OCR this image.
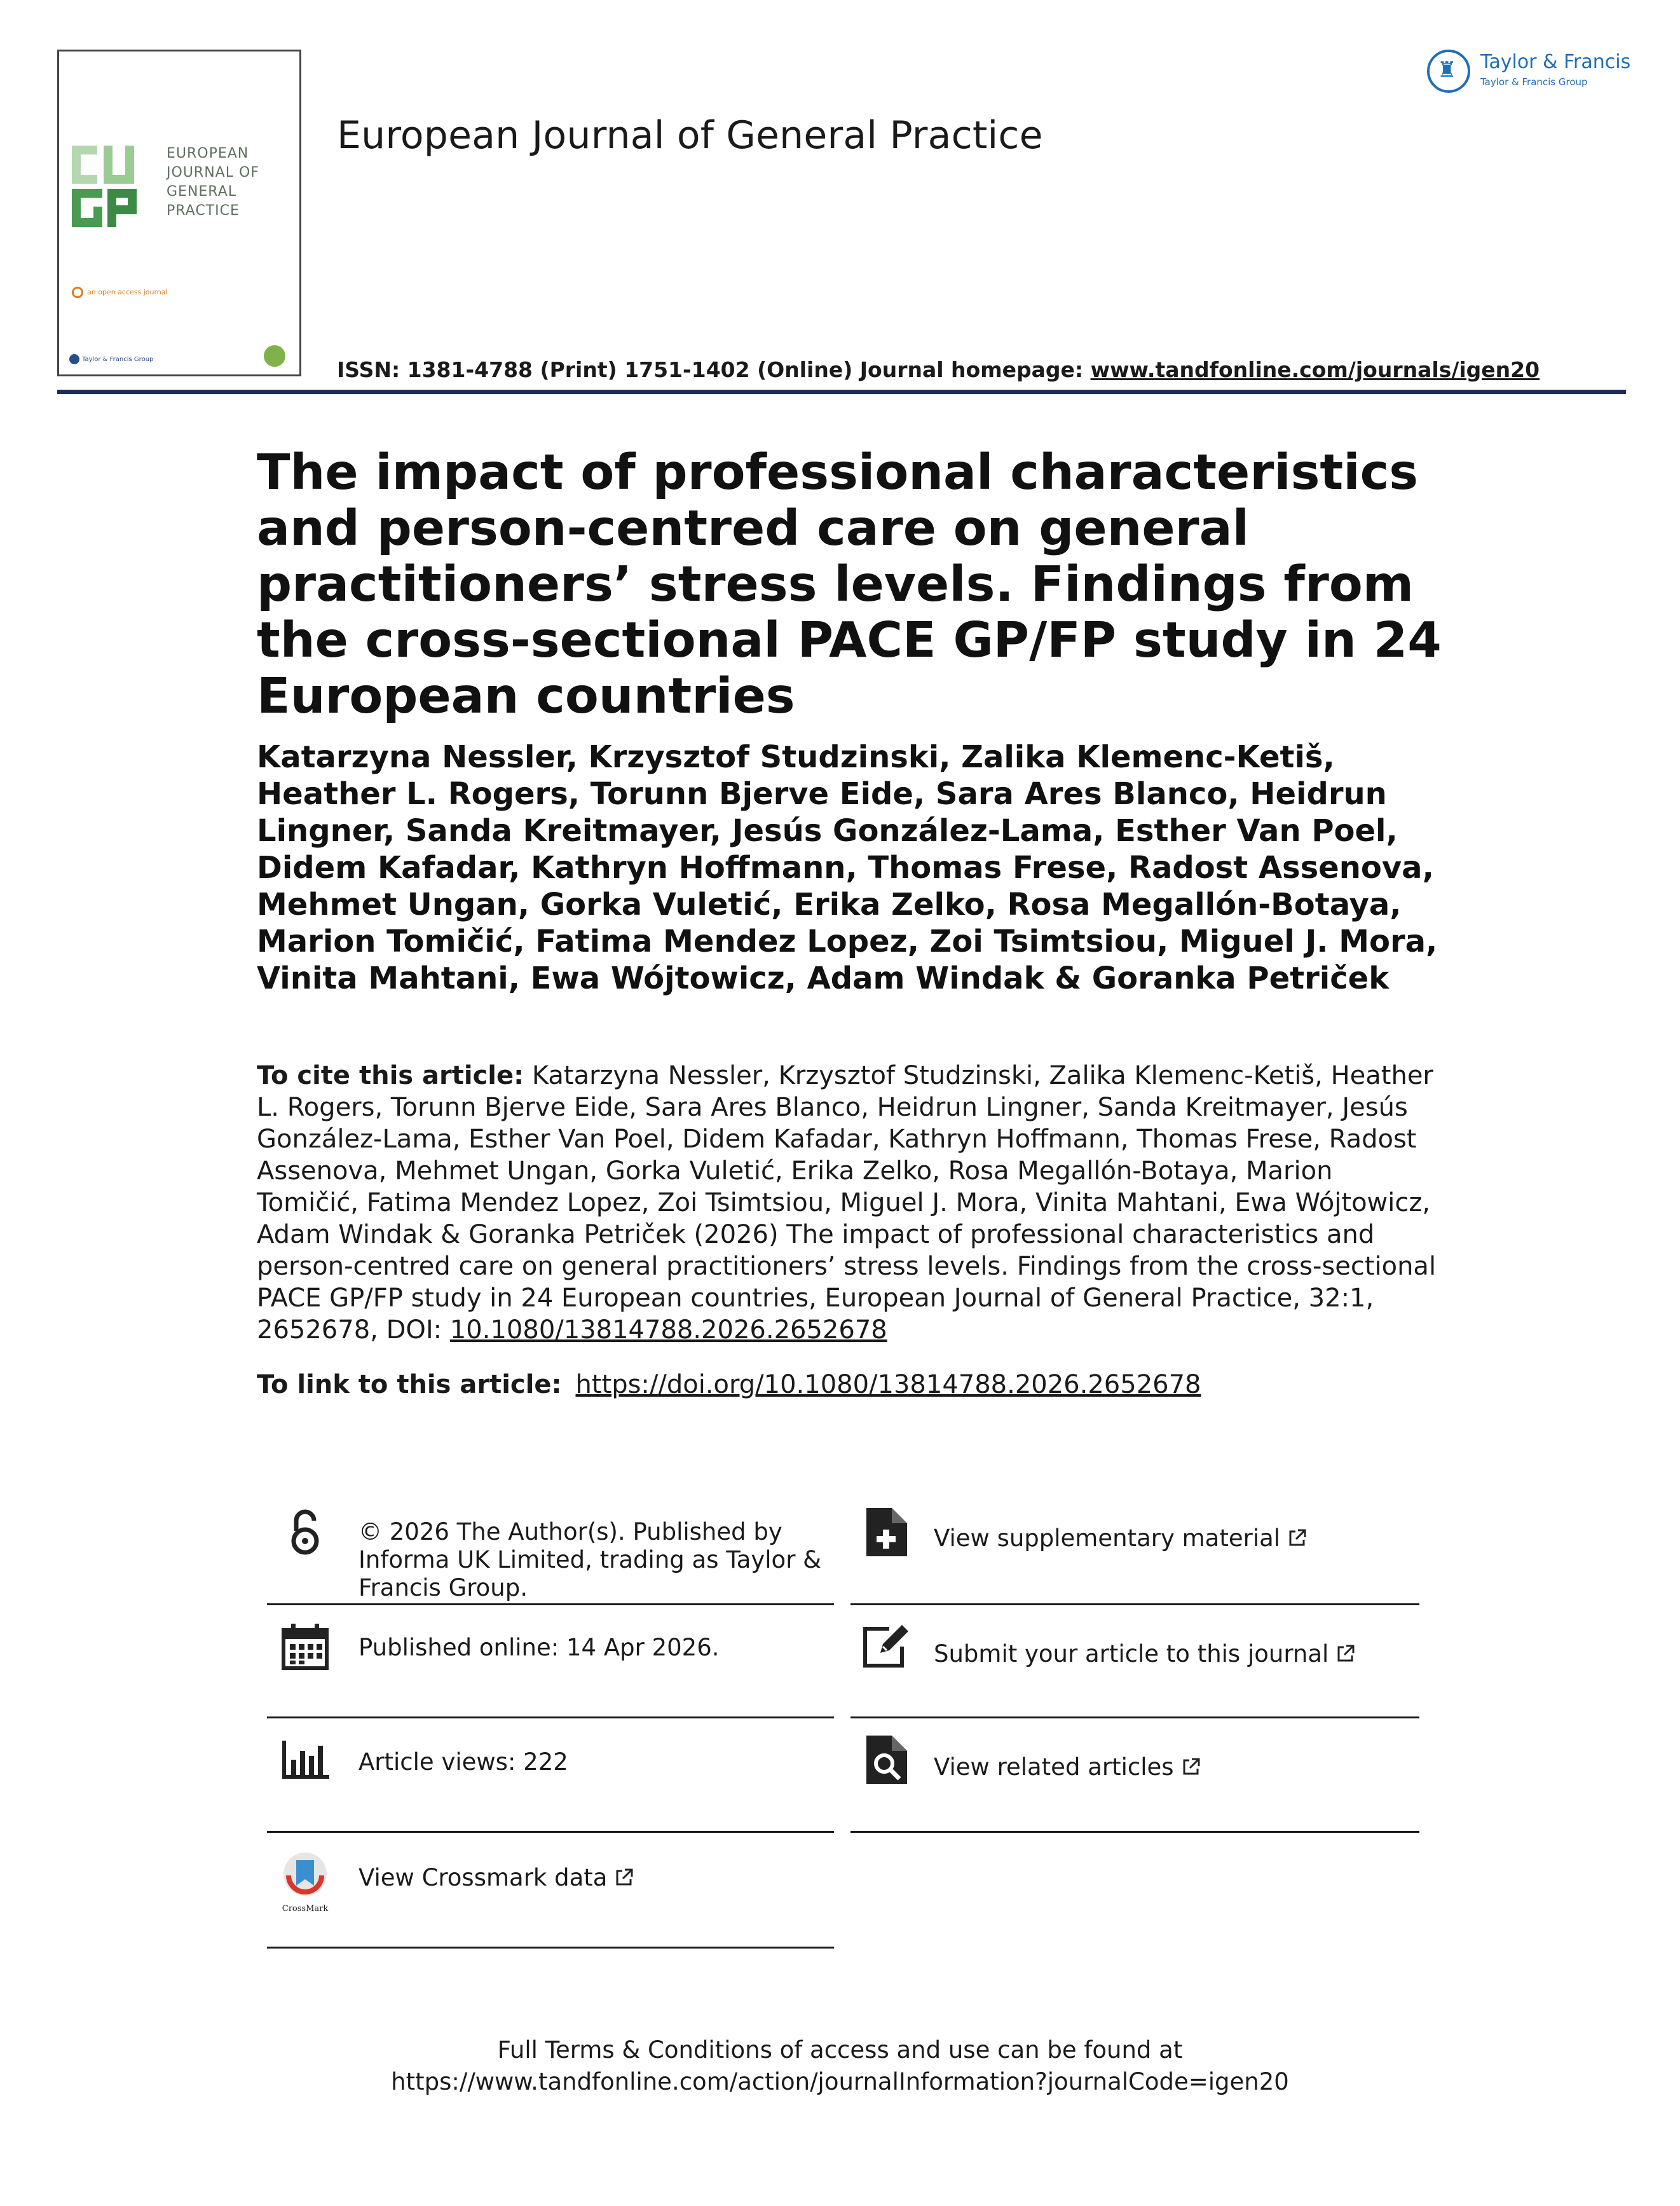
EUROPEAN
JOURNAL OF
GENERAL
PRACTICE
an open access journal
Taylor & Francis Group
European Journal of General Practice
ISSN: 1381-4788 (Print) 1751-1402 (Online) Journal homepage: www.tandfonline.com/journals/igen20
♜ Taylor & Francis
Taylor & Francis Group
The impact of professional characteristics and person-centred care on general practitioners’ stress levels. Findings from the cross-sectional PACE GP/FP study in 24 European countries

Katarzyna Nessler, Krzysztof Studzinski, Zalika Klemenc-Ketiš, Heather L. Rogers, Torunn Bjerve Eide, Sara Ares Blanco, Heidrun Lingner, Sanda Kreitmayer, Jesús González-Lama, Esther Van Poel, Didem Kafadar, Kathryn Hoffmann, Thomas Frese, Radost Assenova, Mehmet Ungan, Gorka Vuletić, Erika Zelko, Rosa Megallón-Botaya, Marion Tomičić, Fatima Mendez Lopez, Zoi Tsimtsiou, Miguel J. Mora, Vinita Mahtani, Ewa Wójtowicz, Adam Windak & Goranka Petriček

To cite this article: Katarzyna Nessler, Krzysztof Studzinski, Zalika Klemenc-Ketiš, Heather L. Rogers, Torunn Bjerve Eide, Sara Ares Blanco, Heidrun Lingner, Sanda Kreitmayer, Jesús González-Lama, Esther Van Poel, Didem Kafadar, Kathryn Hoffmann, Thomas Frese, Radost Assenova, Mehmet Ungan, Gorka Vuletić, Erika Zelko, Rosa Megallón-Botaya, Marion Tomičić, Fatima Mendez Lopez, Zoi Tsimtsiou, Miguel J. Mora, Vinita Mahtani, Ewa Wójtowicz, Adam Windak & Goranka Petriček (2026) The impact of professional characteristics and person-centred care on general practitioners’ stress levels. Findings from the cross-sectional PACE GP/FP study in 24 European countries, European Journal of General Practice, 32:1, 2652678, DOI: 10.1080/13814788.2026.2652678

To link to this article: https://doi.org/10.1080/13814788.2026.2652678
© 2026 The Author(s). Published by Informa UK Limited, trading as Taylor & Francis Group.
Published online: 14 Apr 2026.
Article views: 222
CrossMark
View Crossmark data
View supplementary material
Submit your article to this journal
View related articles
Full Terms & Conditions of access and use can be found at
https://www.tandfonline.com/action/journalInformation?journalCode=igen20
